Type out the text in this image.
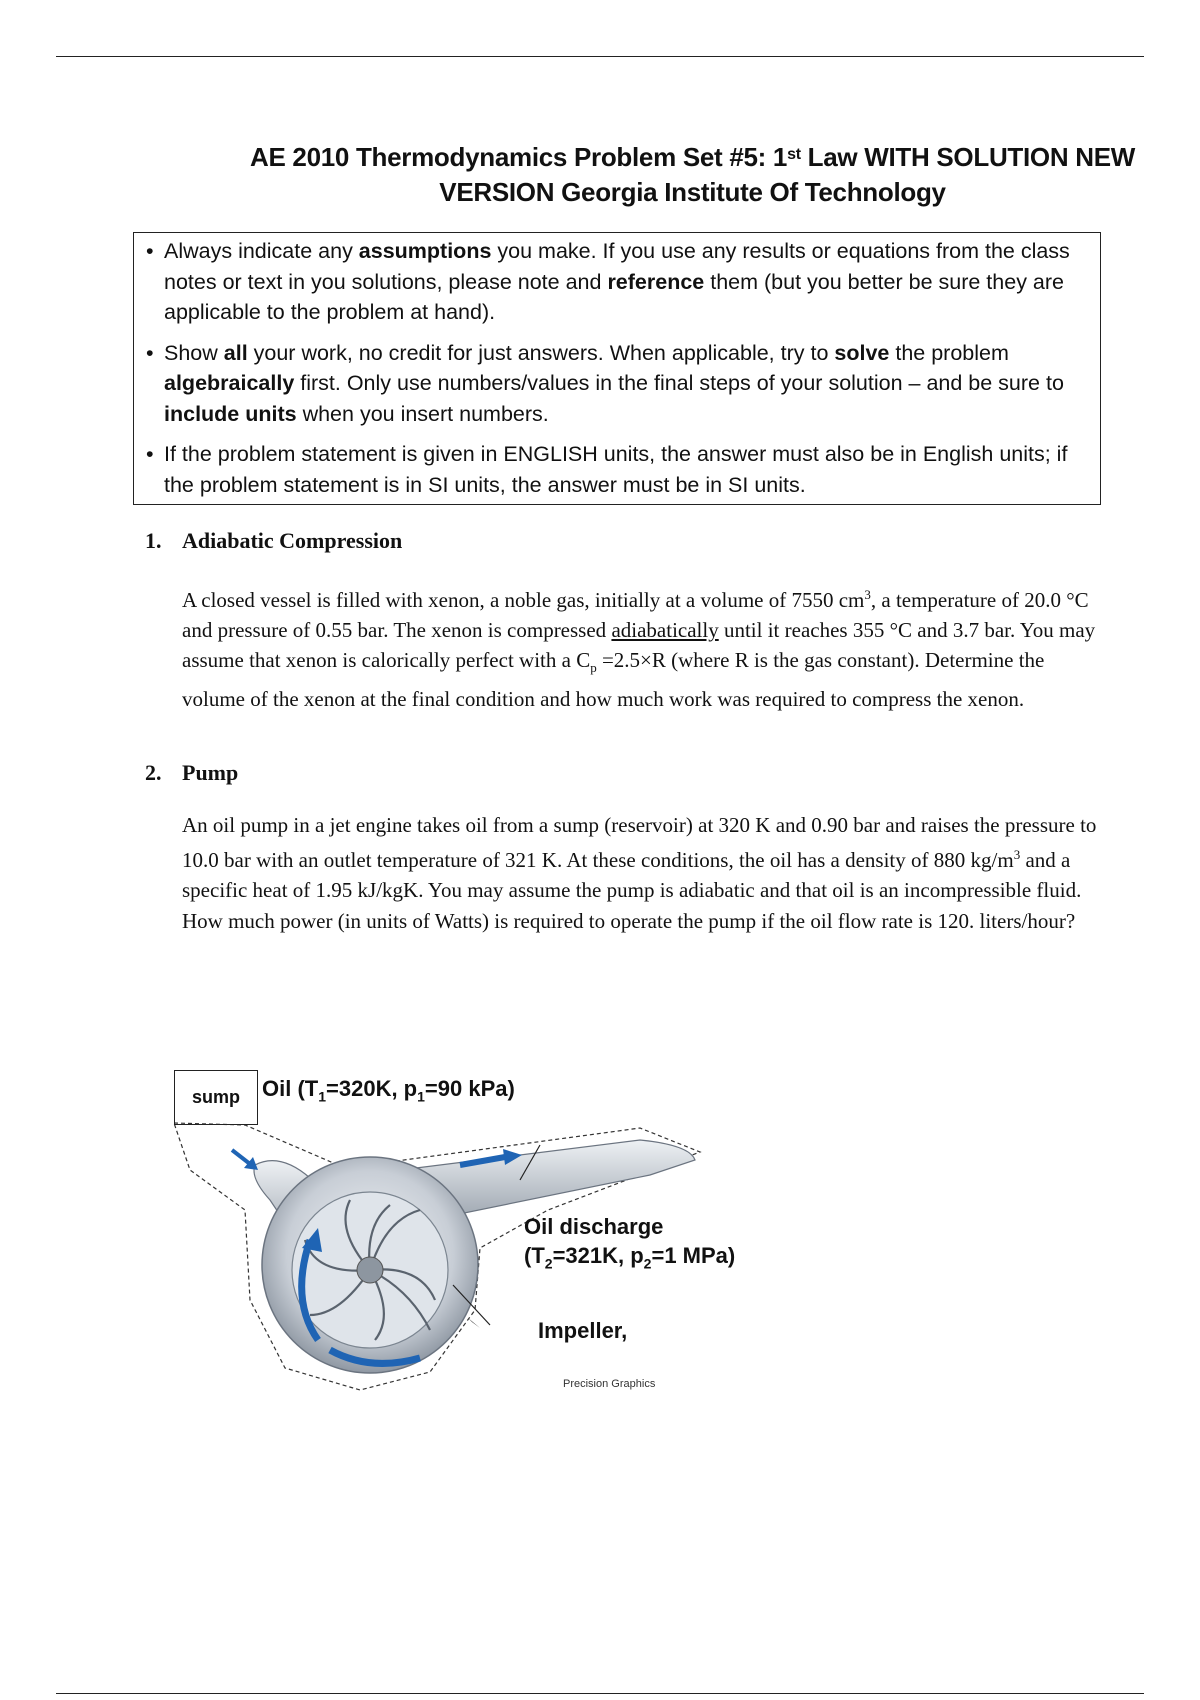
AE 2010 Thermodynamics Problem Set #5: 1st Law WITH SOLUTION NEW
VERSION Georgia Institute Of Technology
• Always indicate any assumptions you make. If you use any results or equations from the class notes or text in you solutions, please note and reference them (but you better be sure they are applicable to the problem at hand).
• Show all your work, no credit for just answers. When applicable, try to solve the problem algebraically first. Only use numbers/values in the final steps of your solution – and be sure to include units when you insert numbers.
• If the problem statement is given in ENGLISH units, the answer must also be in English units; if the problem statement is in SI units, the answer must be in SI units.
1. Adiabatic Compression
A closed vessel is filled with xenon, a noble gas, initially at a volume of 7550 $cm^3$, a temperature of 20.0 °C and pressure of 0.55 bar. The xenon is compressed adiabatically until it reaches 355 °C and 3.7 bar. You may assume that xenon is calorically perfect with a $C_p =2.5\times R$ (where R is the gas constant). Determine the volume of the xenon at the final condition and how much work was required to compress the xenon.
2. Pump
An oil pump in a jet engine takes oil from a sump (reservoir) at 320 K and 0.90 bar and raises the pressure to 10.0 bar with an outlet temperature of 321 K. At these conditions, the oil has a density of 880 $kg/m^3$ and a specific heat of 1.95 kJ/kgK. You may assume the pump is adiabatic and that oil is an incompressible fluid. How much power (in units of Watts) is required to operate the pump if the oil flow rate is 120. liters/hour?
sump	Oil ($T_1=320K$, $p_1=90$ kPa)
Oil discharge
($T_2=321K$, $p_2=1$ MPa)
Impeller,
Precision Graphics
